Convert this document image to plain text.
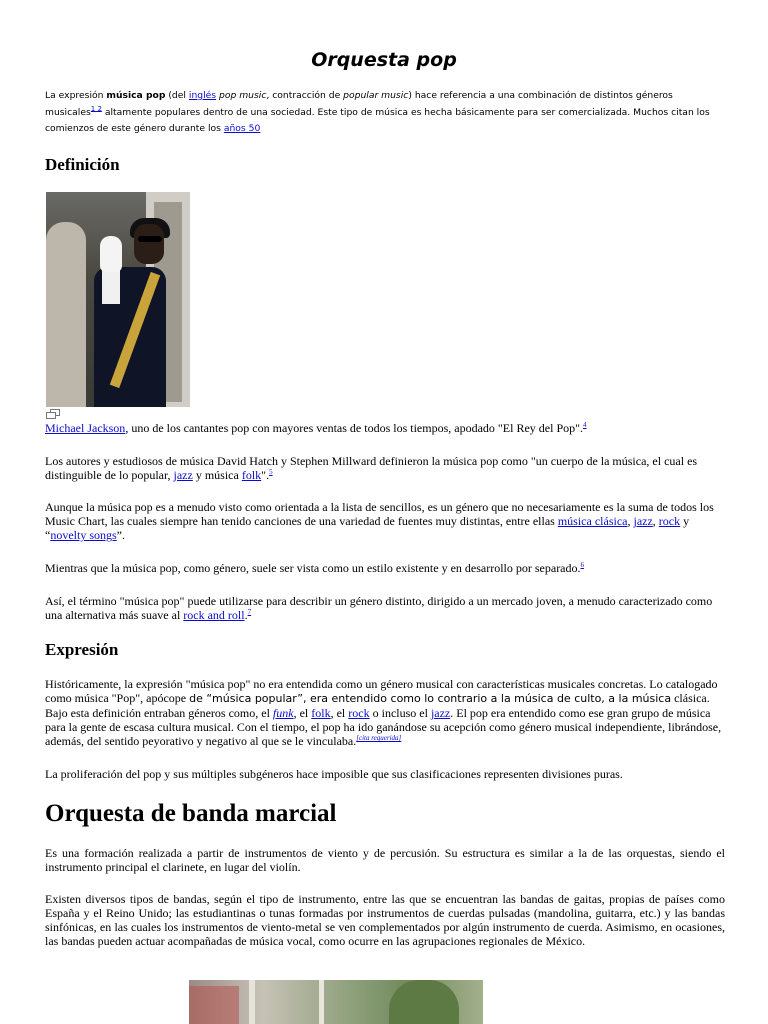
Orquesta pop
La expresión música pop (del inglés pop music, contracción de popular music) hace referencia a una combinación de distintos géneros musicales$^{1 2}$ altamente populares dentro de una sociedad. Este tipo de música es hecha básicamente para ser comercializada. Muchos citan los comienzos de este género durante los años 50
Definición
Michael Jackson, uno de los cantantes pop con mayores ventas de todos los tiempos, apodado "El Rey del Pop".$^4$
Los autores y estudiosos de música David Hatch y Stephen Millward definieron la música pop como "un cuerpo de la música, el cual es distinguible de lo popular, jazz y música folk".$^5$
Aunque la música pop es a menudo visto como orientada a la lista de sencillos, es un género que no necesariamente es la suma de todos los Music Chart, las cuales siempre han tenido canciones de una variedad de fuentes muy distintas, entre ellas música clásica, jazz, rock y “novelty songs”.
Mientras que la música pop, como género, suele ser vista como un estilo existente y en desarrollo por separado.$^6$
Así, el término "música pop" puede utilizarse para describir un género distinto, dirigido a un mercado joven, a menudo caracterizado como una alternativa más suave al rock and roll.$^7$
Expresión
Históricamente, la expresión "música pop" no era entendida como un género musical con características musicales concretas. Lo catalogado como música "Pop", apócope de “música popular”, era entendido como lo contrario a la música de culto, a la música clásica. Bajo esta definición entraban géneros como, el funk, el folk, el rock o incluso el jazz. El pop era entendido como ese gran grupo de música para la gente de escasa cultura musical. Con el tiempo, el pop ha ido ganándose su acepción como género musical independiente, librándose, además, del sentido peyorativo y negativo al que se le vinculaba.[cita requerida]
La proliferación del pop y sus múltiples subgéneros hace imposible que sus clasificaciones representen divisiones puras.
Orquesta de banda marcial
Es una formación realizada a partir de instrumentos de viento y de percusión. Su estructura es similar a la de las orquestas, siendo el instrumento principal el clarinete, en lugar del violín.
Existen diversos tipos de bandas, según el tipo de instrumento, entre las que se encuentran las bandas de gaitas, propias de países como España y el Reino Unido; las estudiantinas o tunas formadas por instrumentos de cuerdas pulsadas (mandolina, guitarra, etc.) y las bandas sinfónicas, en las cuales los instrumentos de viento-metal se ven complementados por algún instrumento de cuerda. Asimismo, en ocasiones, las bandas pueden actuar acompañadas de música vocal, como ocurre en las agrupaciones regionales de México.
